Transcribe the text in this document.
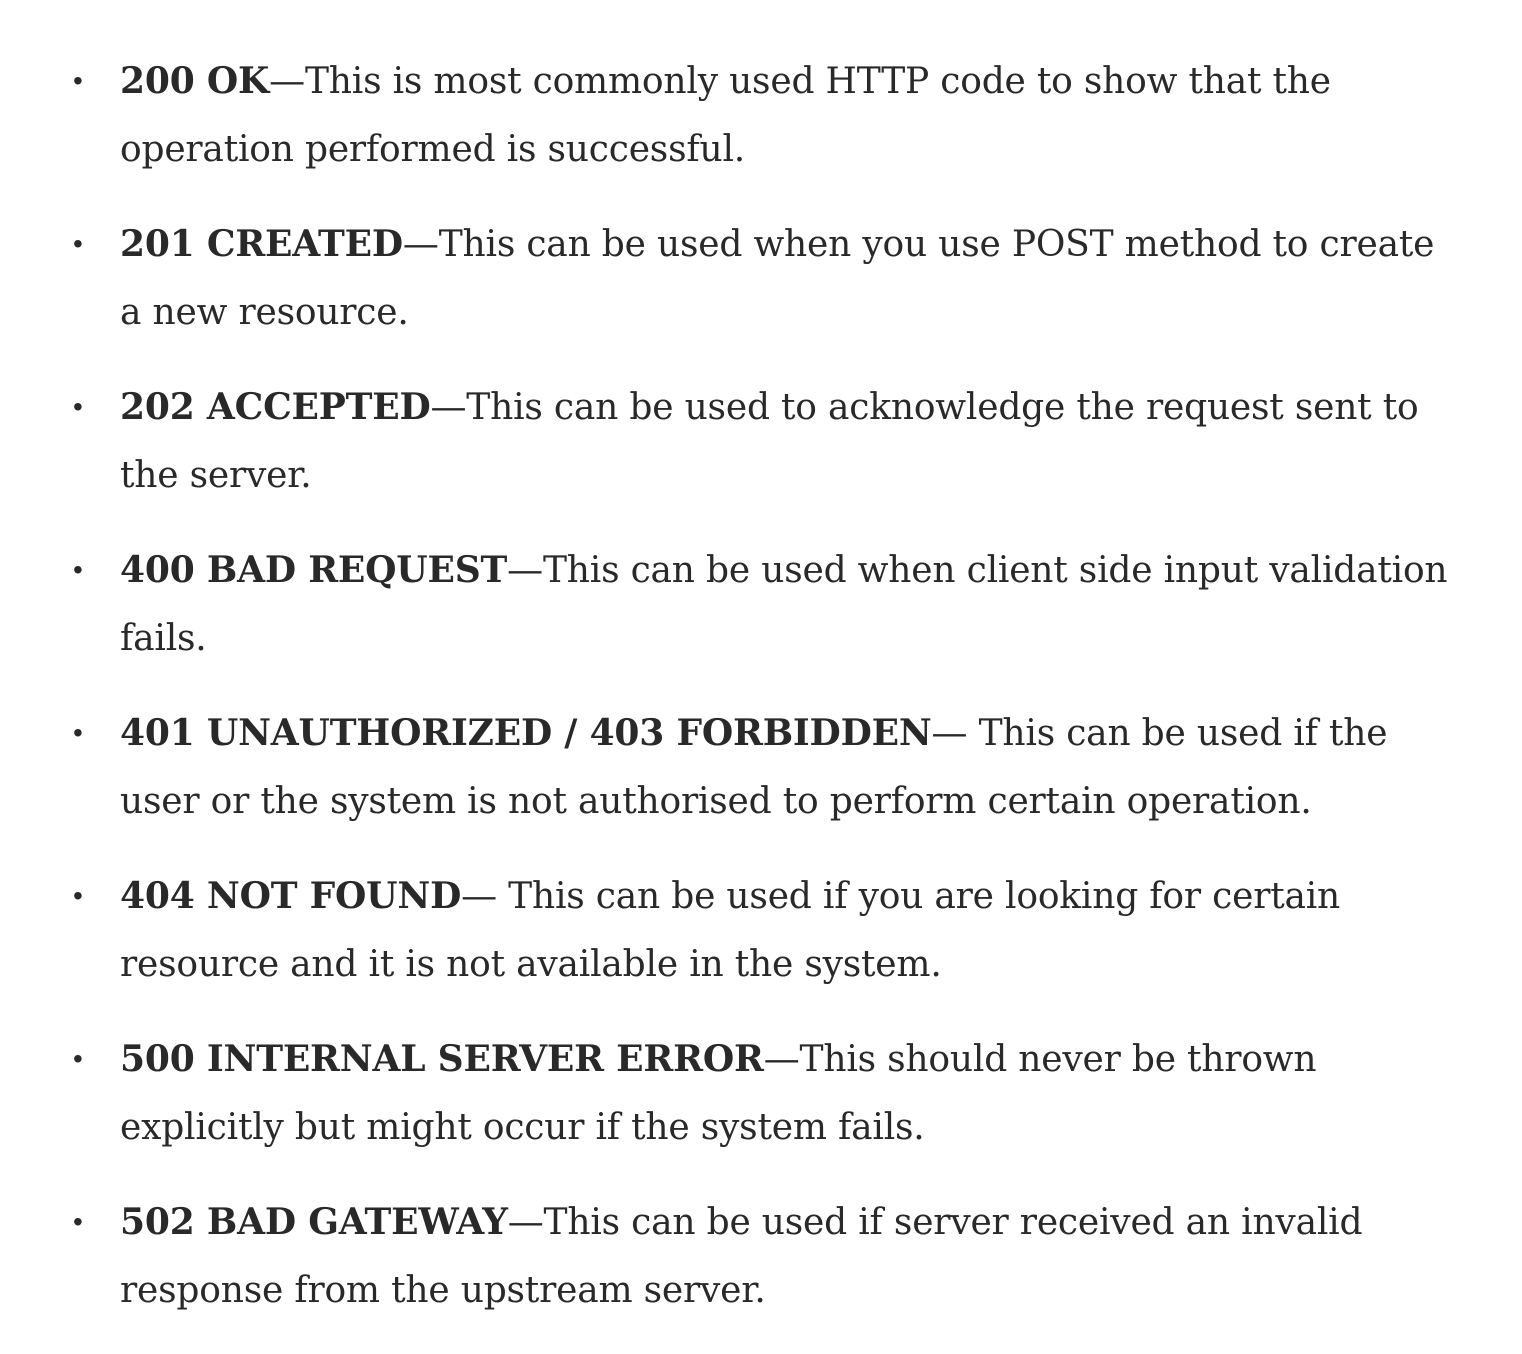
• 200 OK—This is most commonly used HTTP code to show that the operation performed is successful.
• 201 CREATED—This can be used when you use POST method to create a new resource.
• 202 ACCEPTED—This can be used to acknowledge the request sent to the server.
• 400 BAD REQUEST—This can be used when client side input validation fails.
• 401 UNAUTHORIZED / 403 FORBIDDEN— This can be used if the user or the system is not authorised to perform certain operation.
• 404 NOT FOUND— This can be used if you are looking for certain resource and it is not available in the system.
• 500 INTERNAL SERVER ERROR—This should never be thrown explicitly but might occur if the system fails.
• 502 BAD GATEWAY—This can be used if server received an invalid response from the upstream server.
